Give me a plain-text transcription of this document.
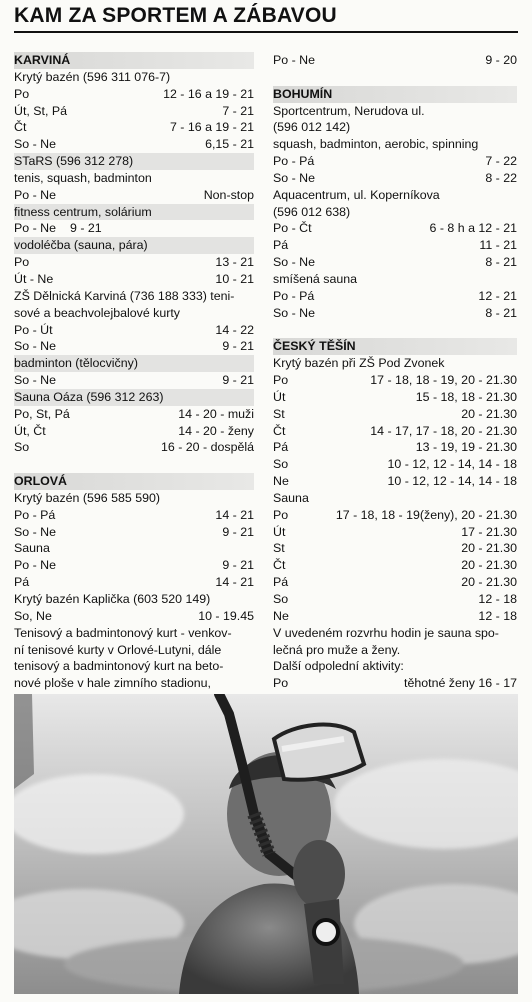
KAM ZA SPORTEM A ZÁBAVOU
KARVINÁ
Krytý bazén (596 311 076-7)
Po	12 - 16 a 19 - 21
Út, St, Pá	7 - 21
Čt	7 - 16 a 19 - 21
So - Ne	6,15 - 21
STaRS (596 312 278)
tenis, squash, badminton
Po - Ne	Non-stop
fitness centrum, solárium
Po - Ne	9 - 21
vodoléčba (sauna, pára)
Po	13 - 21
Út - Ne	10 - 21
ZŠ Dělnická Karviná (736 188 333) teni-
sové a beachvolejbalové kurty
Po - Út	14 - 22
So - Ne	9 - 21
badminton (tělocvičny)
So - Ne	9 - 21
Sauna Oáza (596 312 263)
Po, St, Pá	14 - 20 - muži
Út, Čt	14 - 20 - ženy
So	16 - 20 - dospělá
ORLOVÁ
Krytý bazén (596 585 590)
Po - Pá	14 - 21
So - Ne	9 - 21
Sauna
Po - Ne	9 - 21
Pá	14 - 21
Krytý bazén Kaplička (603 520 149)
So, Ne	10 - 19.45
Tenisový a badmintonový kurt - venkov-
ní tenisové kurty v Orlové-Lutyni, dále
tenisový a badmintonový kurt na beto-
nové ploše v hale zimního stadionu,
Po - Ne	9 - 20
BOHUMÍN
Sportcentrum, Nerudova ul.
(596 012 142)
squash, badminton, aerobic, spinning
Po - Pá	7 - 22
So - Ne	8 - 22
Aquacentrum, ul. Koperníkova
(596 012 638)
Po - Čt	6 - 8 h a 12 - 21
Pá	11 - 21
So - Ne	8 - 21
smíšená sauna
Po - Pá	12 - 21
So - Ne	8 - 21
ČESKÝ TĚŠÍN
Krytý bazén při ZŠ Pod Zvonek
Po	17 - 18, 18 - 19, 20 - 21.30
Út	15 - 18, 18 - 21.30
St	20 - 21.30
Čt	14 - 17, 17 - 18, 20 - 21.30
Pá	13 - 19, 19 - 21.30
So	10 - 12, 12 - 14, 14 - 18
Ne	10 - 12, 12 - 14, 14 - 18
Sauna
Po	17 - 18, 18 - 19(ženy), 20 - 21.30
Út	17 - 21.30
St	20 - 21.30
Čt	20 - 21.30
Pá	20 - 21.30
So	12 - 18
Ne	12 - 18
V uvedeném rozvrhu hodin je sauna spo-
lečná pro muže a ženy.
Další odpolední aktivity:
Po	těhotné ženy 16 - 17
